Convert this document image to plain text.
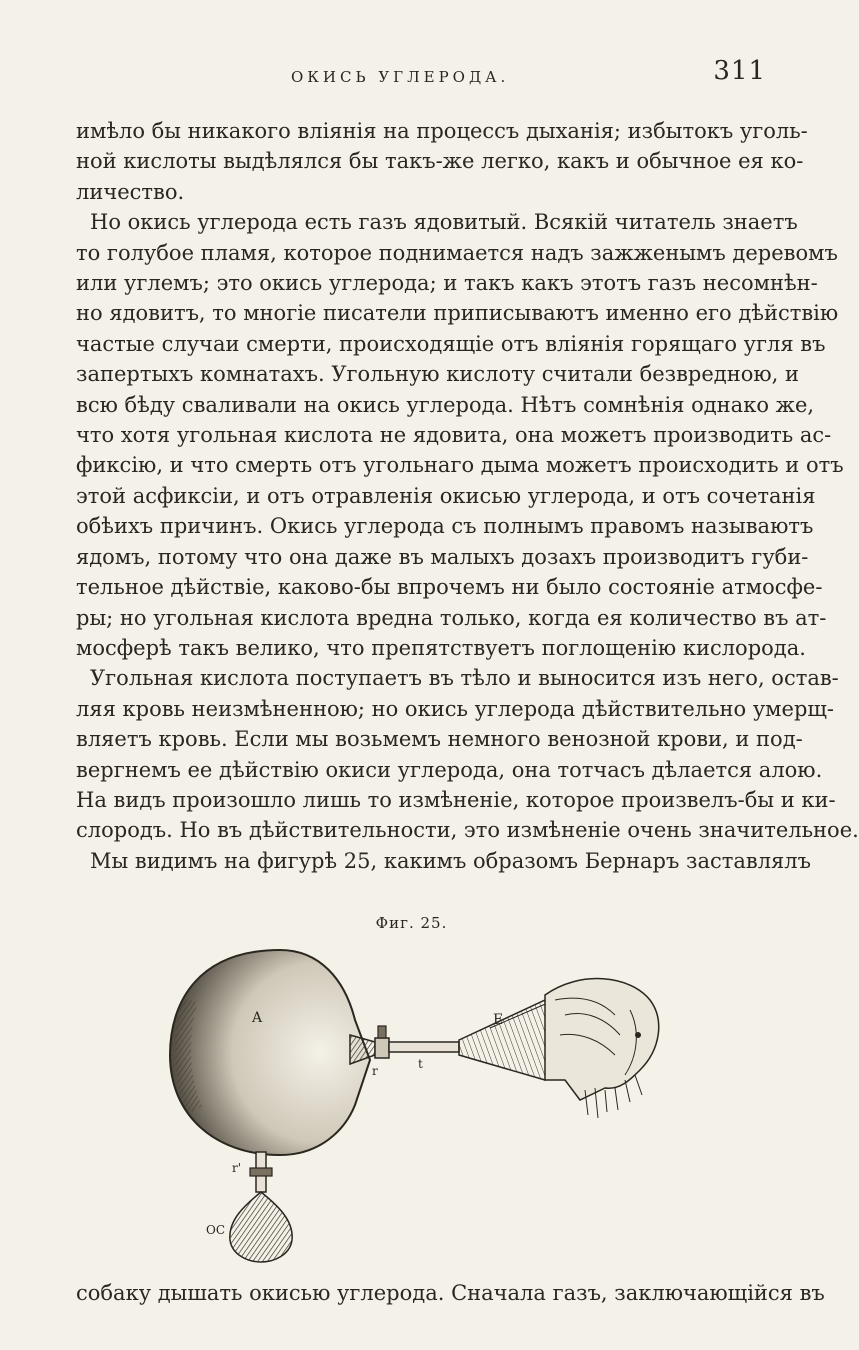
ОКИСЬ УГЛЕРОДА.	311

имѣло бы никакого вліянія на процессъ дыханія; избытокъ уголь-
ной кислоты выдѣлялся бы такъ-же легко, какъ и обычное ея ко-
личество.

Но окись углерода есть газъ ядовитый. Всякій читатель знаетъ
то голубое пламя, которое поднимается надъ зажженымъ деревомъ
или углемъ; это окись углерода; и такъ какъ этотъ газъ несомнѣн-
но ядовитъ, то многіе писатели приписываютъ именно его дѣйствію
частые случаи смерти, происходящіе отъ вліянія горящаго угля въ
запертыхъ комнатахъ. Угольную кислоту считали безвредною, и
всю бѣду сваливали на окись углерода. Нѣтъ сомнѣнія однако же,
что хотя угольная кислота не ядовита, она можетъ производить ас-
фиксію, и что смерть отъ угольнаго дыма можетъ происходить и отъ
этой асфиксіи, и отъ отравленія окисью углерода, и отъ сочетанія
обѣихъ причинъ. Окись углерода съ полнымъ правомъ называютъ
ядомъ, потому что она даже въ малыхъ дозахъ производитъ губи-
тельное дѣйствіе, каково-бы впрочемъ ни было состояніе атмосфе-
ры; но угольная кислота вредна только, когда ея количество въ ат-
мосферѣ такъ велико, что препятствуетъ поглощенію кислорода.

Угольная кислота поступаетъ въ тѣло и выносится изъ него, остав-
ляя кровь неизмѣненною; но окись углерода дѣйствительно умерщ-
вляетъ кровь. Если мы возьмемъ немного венозной крови, и под-
вергнемъ ее дѣйствію окиси углерода, она тотчасъ дѣлается алою.
На видъ произошло лишь то измѣненіе, которое произвелъ-бы и ки-
слородъ. Но въ дѣйствительности, это измѣненіе очень значительное.
Мы видимъ на фигурѣ 25, какимъ образомъ Бернаръ заставлялъ

Фиг. 25.
A
r	t
E
r'
OC
собаку дышать окисью углерода. Сначала газъ, заключающійся въ
